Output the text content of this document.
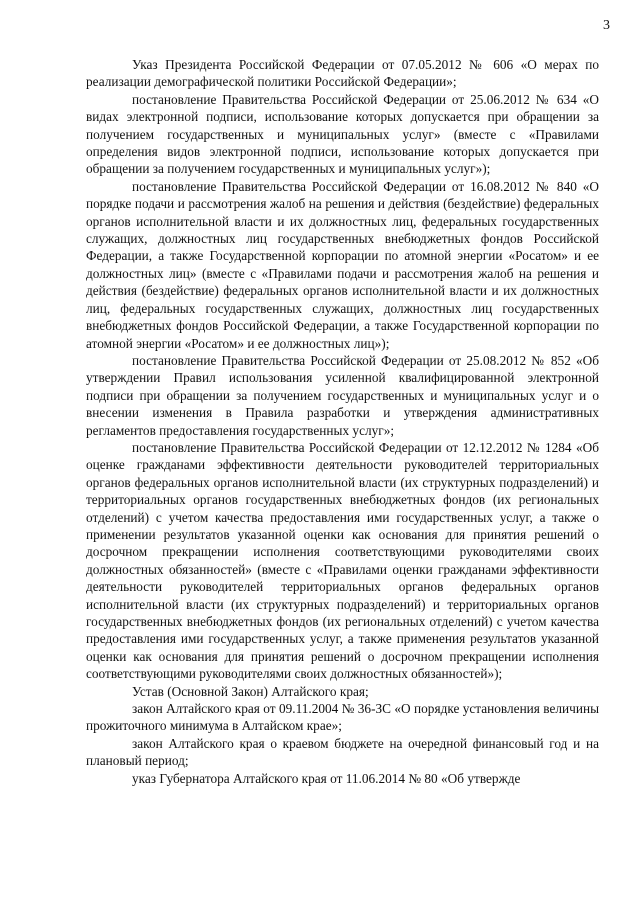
3

Указ Президента Российской Федерации от 07.05.2012 № 606 «О мерах по реализации демографической политики Российской Федерации»;

постановление Правительства Российской Федерации от 25.06.2012 № 634 «О видах электронной подписи, использование которых допускается при обращении за получением государственных и муниципальных услуг» (вместе с «Правилами определения видов электронной подписи, использование которых допускается при обращении за получением государственных и муниципальных услуг»);

постановление Правительства Российской Федерации от 16.08.2012 № 840 «О порядке подачи и рассмотрения жалоб на решения и действия (бездействие) федеральных органов исполнительной власти и их должностных лиц, федеральных государственных служащих, должностных лиц государственных внебюджетных фондов Российской Федерации, а также Государственной корпорации по атомной энергии «Росатом» и ее должностных лиц» (вместе с «Правилами подачи и рассмотрения жалоб на решения и действия (бездействие) федеральных органов исполнительной власти и их должностных лиц, федеральных государственных служащих, должностных лиц государственных внебюджетных фондов Российской Федерации, а также Государственной корпорации по атомной энергии «Росатом» и ее должностных лиц»);

постановление Правительства Российской Федерации от 25.08.2012 № 852 «Об утверждении Правил использования усиленной квалифицированной электронной подписи при обращении за получением государственных и муниципальных услуг и о внесении изменения в Правила разработки и утверждения административных регламентов предоставления государственных услуг»;

постановление Правительства Российской Федерации от 12.12.2012 № 1284 «Об оценке гражданами эффективности деятельности руководителей территориальных органов федеральных органов исполнительной власти (их структурных подразделений) и территориальных органов государственных внебюджетных фондов (их региональных отделений) с учетом качества предоставления ими государственных услуг, а также о применении результатов указанной оценки как основания для принятия решений о досрочном прекращении исполнения соответствующими руководителями своих должностных обязанностей» (вместе с «Правилами оценки гражданами эффективности деятельности руководителей территориальных органов федеральных органов исполнительной власти (их структурных подразделений) и территориальных органов государственных внебюджетных фондов (их региональных отделений) с учетом качества предоставления ими государственных услуг, а также применения результатов указанной оценки как основания для принятия решений о досрочном прекращении исполнения соответствующими руководителями своих должностных обязанностей»);

Устав (Основной Закон) Алтайского края;

закон Алтайского края от 09.11.2004 № 36-ЗС «О порядке установления величины прожиточного минимума в Алтайском крае»;

закон Алтайского края о краевом бюджете на очередной финансовый год и на плановый период;

указ Губернатора Алтайского края от 11.06.2014 № 80 «Об утвержде
